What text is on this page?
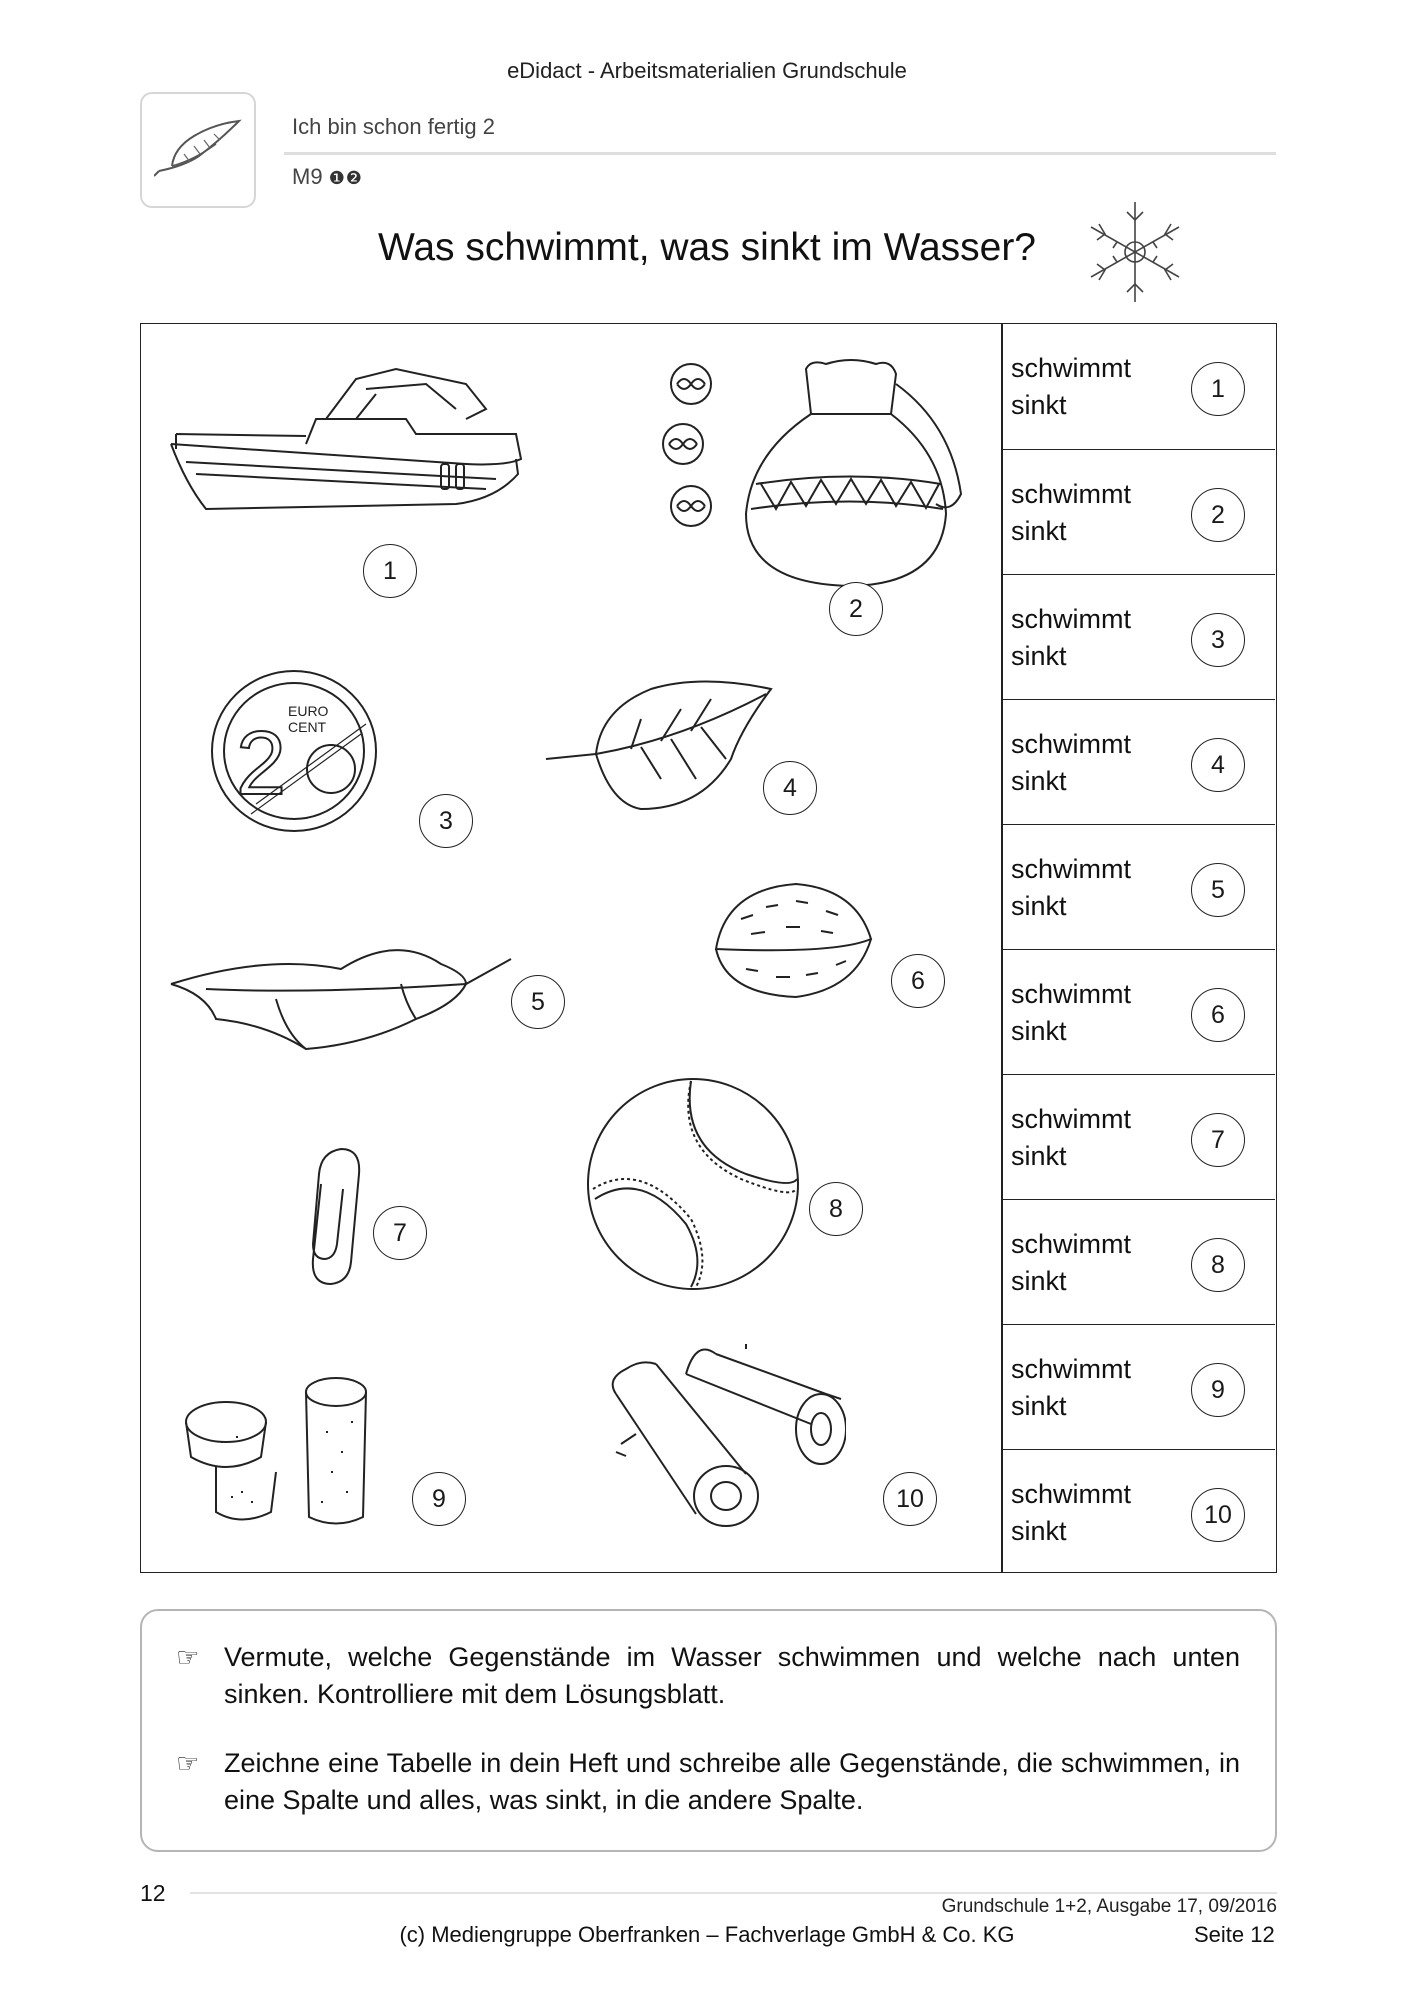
eDidact - Arbeitsmaterialien Grundschule
Ich bin schon fertig 2
M9 ❶❷
Was schwimmt, was sinkt im Wasser?
1
2
2
EURO
CENT
3
4
6
5
8
7
9	10
schwimmt
sinkt
1
schwimmt
sinkt
2
schwimmt
sinkt
3
schwimmt
sinkt
4
schwimmt
sinkt
5
schwimmt
sinkt
6
schwimmt
sinkt
7
schwimmt
sinkt
8
schwimmt
sinkt
9
schwimmt
sinkt
10
☞ Vermute, welche Gegenstände im Wasser schwimmen und welche nach unten sinken. Kontrolliere mit dem Lösungsblatt.
☞ Zeichne eine Tabelle in dein Heft und schreibe alle Gegenstände, die schwimmen, in eine Spalte und alles, was sinkt, in die andere Spalte.
12
Grundschule 1+2, Ausgabe 17, 09/2016
(c) Mediengruppe Oberfranken – Fachverlage GmbH & Co. KG	Seite 12
